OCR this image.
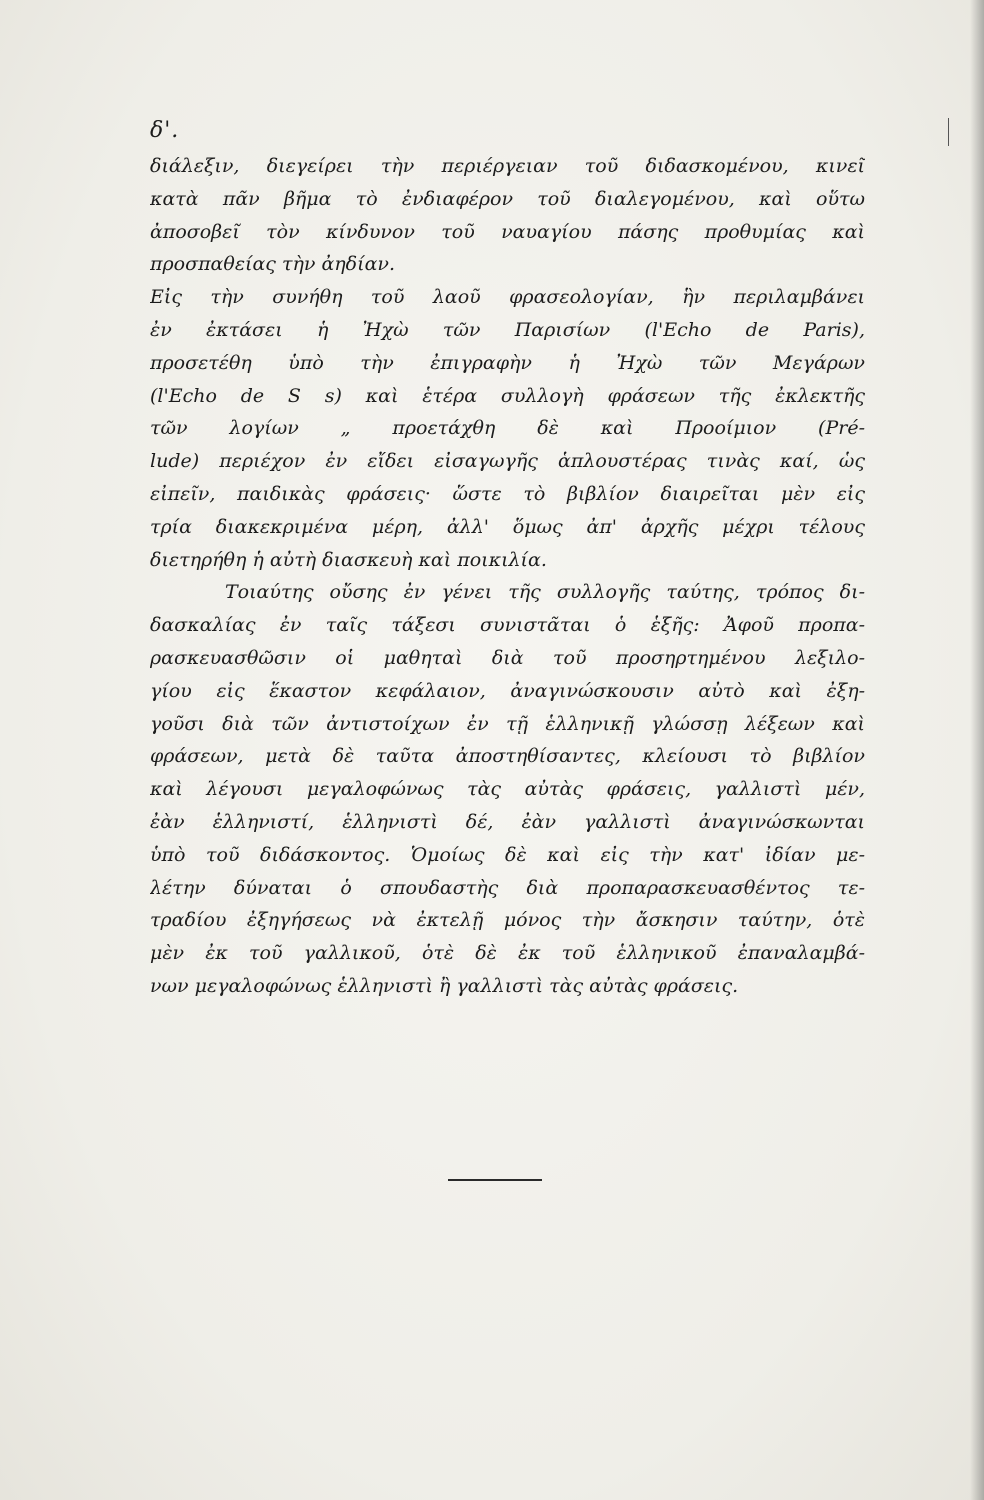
δ'.
διάλεξιν, διεγείρει τὴν περιέργειαν τοῦ διδασκομένου, κινεῖ
κατὰ πᾶν βῆμα τὸ ἐνδιαφέρον τοῦ διαλεγομένου, καὶ οὕτω
ἀποσοβεῖ τὸν κίνδυνον τοῦ ναυαγίου πάσης προθυμίας καὶ
προσπαθείας τὴν ἀηδίαν.
Εἰς τὴν συνήθη τοῦ λαοῦ φρασεολογίαν, ἣν περιλαμβάνει
ἐν ἐκτάσει ἡ Ἠχὼ τῶν Παρισίων (l'Echo de Paris),
προσετέθη ὑπὸ τὴν ἐπιγραφὴν ἡ Ἠχὼ τῶν Μεγάρων
(l'Echo de S s) καὶ ἑτέρα συλλογὴ φράσεων τῆς ἐκλεκτῆς
τῶν λογίων „ προετάχθη δὲ καὶ Προοίμιον (Pré-
lude) περιέχον ἐν εἴδει εἰσαγωγῆς ἁπλουστέρας τινὰς καί, ὡς
εἰπεῖν, παιδικὰς φράσεις· ὥστε τὸ βιβλίον διαιρεῖται μὲν εἰς
τρία διακεκριμένα μέρη, ἀλλ' ὅμως ἀπ' ἀρχῆς μέχρι τέλους
διετηρήθη ἡ αὐτὴ διασκευὴ καὶ ποικιλία.
Τοιαύτης οὔσης ἐν γένει τῆς συλλογῆς ταύτης, τρόπος δι-
δασκαλίας ἐν ταῖς τάξεσι συνιστᾶται ὁ ἑξῆς: Ἀφοῦ προπα-
ρασκευασθῶσιν οἱ μαθηταὶ διὰ τοῦ προσηρτημένου λεξιλο-
γίου εἰς ἕκαστον κεφάλαιον, ἀναγινώσκουσιν αὐτὸ καὶ ἐξη-
γοῦσι διὰ τῶν ἀντιστοίχων ἐν τῇ ἑλληνικῇ γλώσσῃ λέξεων καὶ
φράσεων, μετὰ δὲ ταῦτα ἀποστηθίσαντες, κλείουσι τὸ βιβλίον
καὶ λέγουσι μεγαλοφώνως τὰς αὐτὰς φράσεις, γαλλιστὶ μέν,
ἐὰν ἑλληνιστί, ἑλληνιστὶ δέ, ἐὰν γαλλιστὶ ἀναγινώσκωνται
ὑπὸ τοῦ διδάσκοντος. Ὁμοίως δὲ καὶ εἰς τὴν κατ' ἰδίαν με-
λέτην δύναται ὁ σπουδαστὴς διὰ προπαρασκευασθέντος τε-
τραδίου ἐξηγήσεως νὰ ἐκτελῇ μόνος τὴν ἄσκησιν ταύτην, ὁτὲ
μὲν ἐκ τοῦ γαλλικοῦ, ὁτὲ δὲ ἐκ τοῦ ἑλληνικοῦ ἐπαναλαμβά-
νων μεγαλοφώνως ἑλληνιστὶ ἢ γαλλιστὶ τὰς αὐτὰς φράσεις.
